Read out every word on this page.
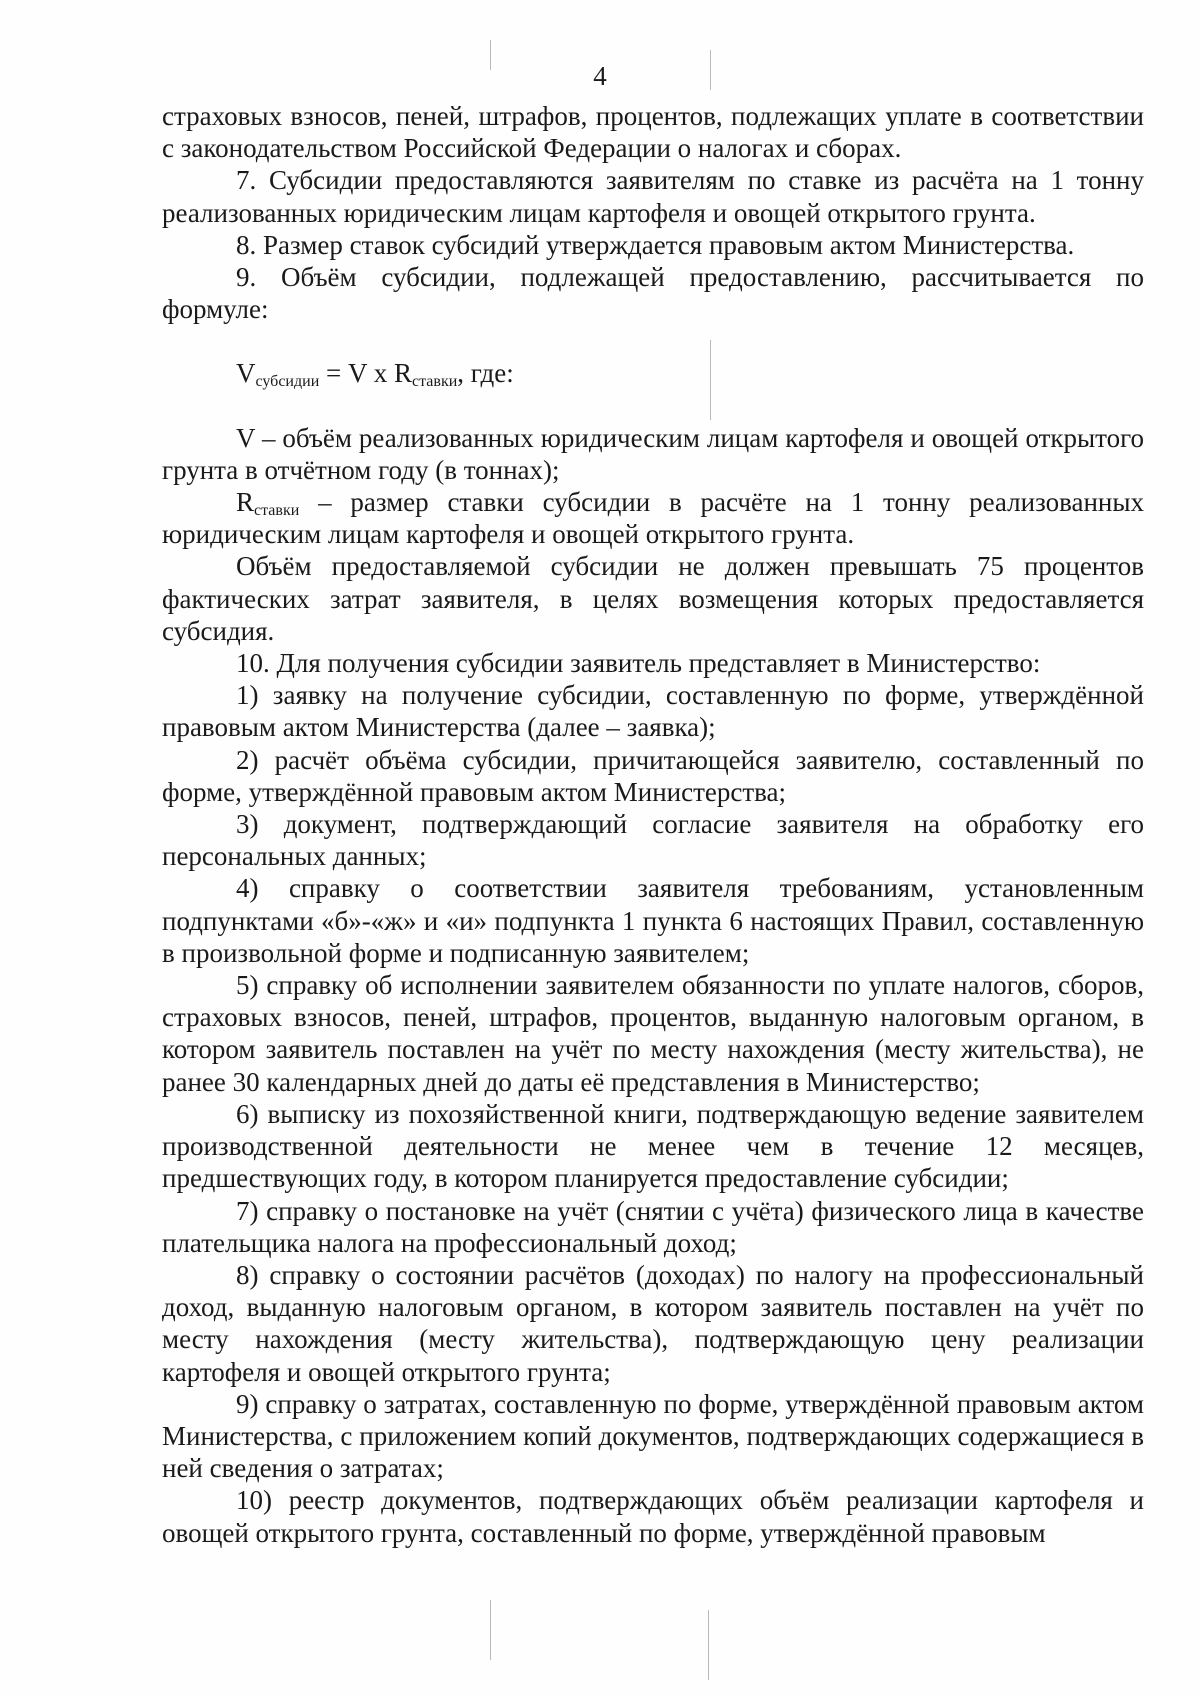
4

страховых взносов, пеней, штрафов, процентов, подлежащих уплате в соответствии с законодательством Российской Федерации о налогах и сборах.

7. Субсидии предоставляются заявителям по ставке из расчёта на 1 тонну реализованных юридическим лицам картофеля и овощей открытого грунта.

8. Размер ставок субсидий утверждается правовым актом Министерства.

9. Объём субсидии, подлежащей предоставлению, рассчитывается по формуле:

$V_{субсидии} = V$ x $R_{ставки}$, где:

V – объём реализованных юридическим лицам картофеля и овощей открытого грунта в отчётном году (в тоннах);

$R_{ставки}$ – размер ставки субсидии в расчёте на 1 тонну реализованных юридическим лицам картофеля и овощей открытого грунта.

Объём предоставляемой субсидии не должен превышать 75 процентов фактических затрат заявителя, в целях возмещения которых предоставляется субсидия.

10. Для получения субсидии заявитель представляет в Министерство:

1) заявку на получение субсидии, составленную по форме, утверждённой правовым актом Министерства (далее – заявка);

2) расчёт объёма субсидии, причитающейся заявителю, составленный по форме, утверждённой правовым актом Министерства;

3) документ, подтверждающий согласие заявителя на обработку его персональных данных;

4) справку о соответствии заявителя требованиям, установленным подпунктами «б»-«ж» и «и» подпункта 1 пункта 6 настоящих Правил, составленную в произвольной форме и подписанную заявителем;

5) справку об исполнении заявителем обязанности по уплате налогов, сборов, страховых взносов, пеней, штрафов, процентов, выданную налоговым органом, в котором заявитель поставлен на учёт по месту нахождения (месту жительства), не ранее 30 календарных дней до даты её представления в Министерство;

6) выписку из похозяйственной книги, подтверждающую ведение заявителем производственной деятельности не менее чем в течение 12 месяцев, предшествующих году, в котором планируется предоставление субсидии;

7) справку о постановке на учёт (снятии с учёта) физического лица в качестве плательщика налога на профессиональный доход;

8) справку о состоянии расчётов (доходах) по налогу на профессиональный доход, выданную налоговым органом, в котором заявитель поставлен на учёт по месту нахождения (месту жительства), подтверждающую цену реализации картофеля и овощей открытого грунта;

9) справку о затратах, составленную по форме, утверждённой правовым актом Министерства, с приложением копий документов, подтверждающих содержащиеся в ней сведения о затратах;

10) реестр документов, подтверждающих объём реализации картофеля и овощей открытого грунта, составленный по форме, утверждённой правовым
